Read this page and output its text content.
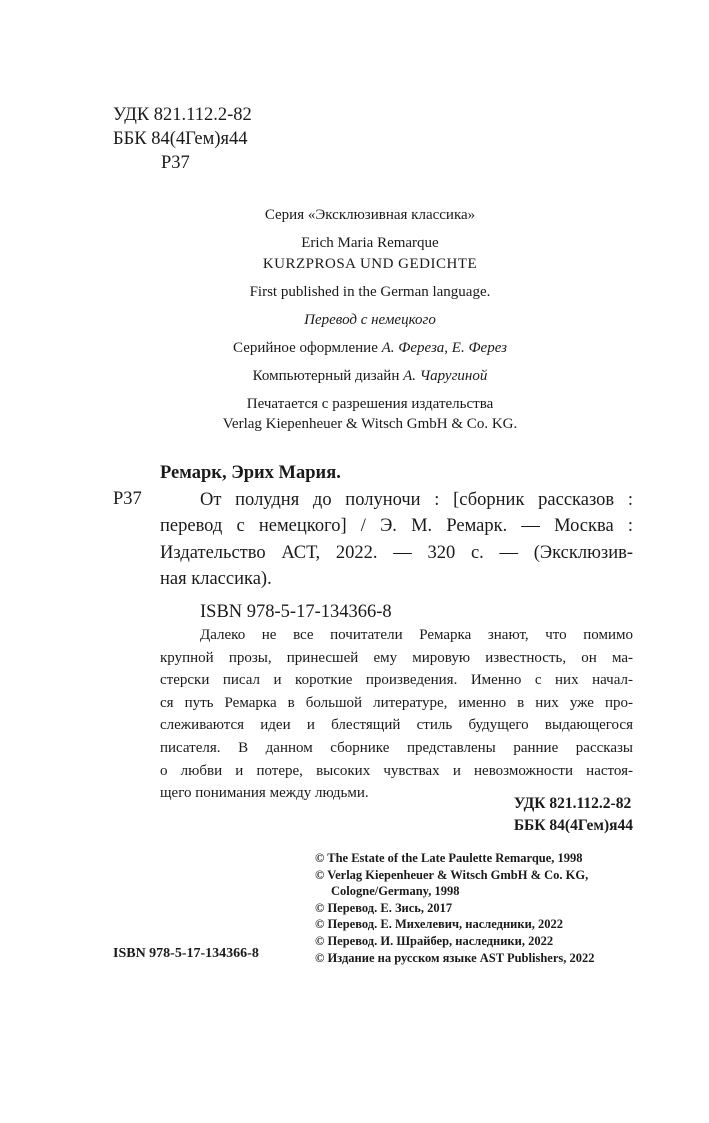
УДК 821.112.2-82
ББК 84(4Гем)я44
Р37
Серия «Эксклюзивная классика»
Erich Maria Remarque
KURZPROSA UND GEDICHTE
First published in the German language.
Перевод с немецкого
Серийное оформление А. Фереза, Е. Ферез
Компьютерный дизайн А. Чаругиной
Печатается с разрешения издательства
Verlag Kiepenheuer & Witsch GmbH & Co. KG.
Р37
Ремарк, Эрих Мария.
От полудня до полуночи : [сборник рассказов :
перевод с немецкого] / Э. М. Ремарк. — Москва :
Издательство АСТ, 2022. — 320 с. — (Эксклюзив-
ная классика).
ISBN 978-5-17-134366-8
Далеко не все почитатели Ремарка знают, что помимо
крупной прозы, принесшей ему мировую известность, он ма-
стерски писал и короткие произведения. Именно с них начал-
ся путь Ремарка в большой литературе, именно в них уже про-
слеживаются идеи и блестящий стиль будущего выдающегося
писателя. В данном сборнике представлены ранние рассказы
о любви и потере, высоких чувствах и невозможности настоя-
щего понимания между людьми.
УДК 821.112.2-82
ББК 84(4Гем)я44
© The Estate of the Late Paulette Remarque, 1998
© Verlag Kiepenheuer & Witsch GmbH & Co. KG,
Cologne/Germany, 1998
© Перевод. Е. Зись, 2017
© Перевод. Е. Михелевич, наследники, 2022
© Перевод. И. Шрайбер, наследники, 2022
© Издание на русском языке AST Publishers, 2022
ISBN 978-5-17-134366-8
